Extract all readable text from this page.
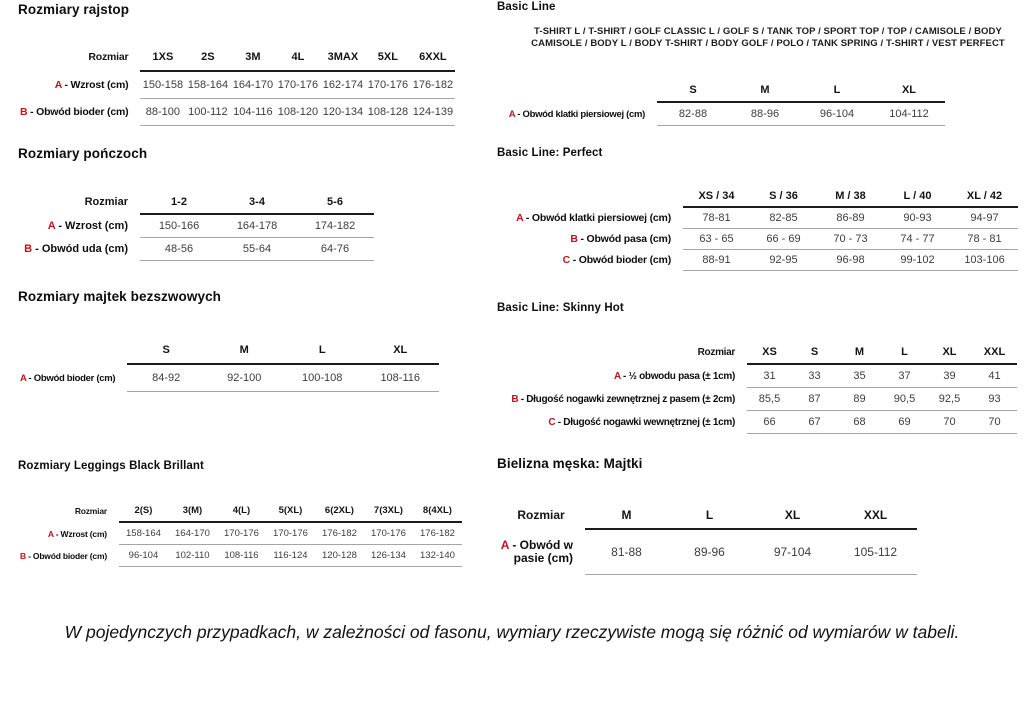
Rozmiary rajstop
Rozmiar	1XS	2S	3M	4L	3MAX	5XL	6XXL
A - Wzrost (cm)	150-158	158-164	164-170	170-176	162-174	170-176	176-182
B - Obwód bioder (cm)	88-100	100-112	104-116	108-120	120-134	108-128	124-139
Rozmiary pończoch
Rozmiar	1-2	3-4	5-6
A - Wzrost (cm)	150-166	164-178	174-182
B - Obwód uda (cm)	48-56	55-64	64-76
Rozmiary majtek bezszwowych
	S	M	L	XL
A - Obwód bioder (cm)	84-92	92-100	100-108	108-116
Rozmiary Leggings Black Brillant
Rozmiar	2(S)	3(M)	4(L)	5(XL)	6(2XL)	7(3XL)	8(4XL)
A - Wzrost (cm)	158-164	164-170	170-176	170-176	176-182	170-176	176-182
B - Obwód bioder (cm)	96-104	102-110	108-116	116-124	120-128	126-134	132-140
Basic Line

T-SHIRT L / T-SHIRT / GOLF CLASSIC L / GOLF S / TANK TOP / SPORT TOP / TOP / CAMISOLE / BODY CAMISOLE / BODY L / BODY T-SHIRT / BODY GOLF / POLO / TANK SPRING / T-SHIRT / VEST PERFECT

	S	M	L	XL
A - Obwód klatki piersiowej (cm)	82-88	88-96	96-104	104-112
Basic Line: Perfect
	XS / 34	S / 36	M / 38	L / 40	XL / 42
A - Obwód klatki piersiowej (cm)	78-81	82-85	86-89	90-93	94-97
B - Obwód pasa (cm)	63 - 65	66 - 69	70 - 73	74 - 77	78 - 81
C - Obwód bioder (cm)	88-91	92-95	96-98	99-102	103-106
Basic Line: Skinny Hot
Rozmiar	XS	S	M	L	XL	XXL
A - ½ obwodu pasa (± 1cm)	31	33	35	37	39	41
B - Długość nogawki zewnętrznej z pasem (± 2cm)	85,5	87	89	90,5	92,5	93
C - Długość nogawki wewnętrznej (± 1cm)	66	67	68	69	70	70
Bielizna męska: Majtki
Rozmiar	M	L	XL	XXL
A - Obwód w pasie (cm)	81-88	89-96	97-104	105-112

W pojedynczych przypadkach, w zależności od fasonu, wymiary rzeczywiste mogą się różnić od wymiarów w tabeli.
